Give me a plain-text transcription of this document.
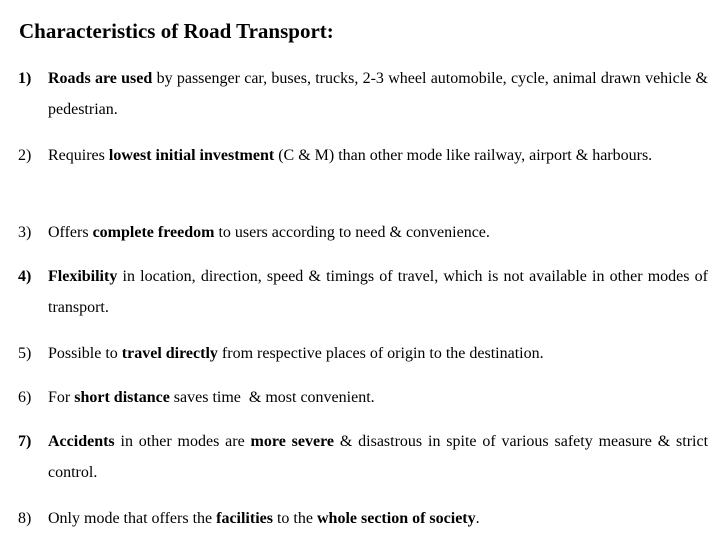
Characteristics of Road Transport:
1) Roads are used by passenger car, buses, trucks, 2-3 wheel automobile, cycle, animal drawn vehicle & pedestrian.
2) Requires lowest initial investment (C & M) than other mode like railway, airport & harbours.
3) Offers complete freedom to users according to need & convenience.
4) Flexibility in location, direction, speed & timings of travel, which is not available in other modes of transport.
5) Possible to travel directly from respective places of origin to the destination.
6) For short distance saves time  & most convenient.
7) Accidents in other modes are more severe & disastrous in spite of various safety measure & strict control.
8) Only mode that offers the facilities to the whole section of society.
